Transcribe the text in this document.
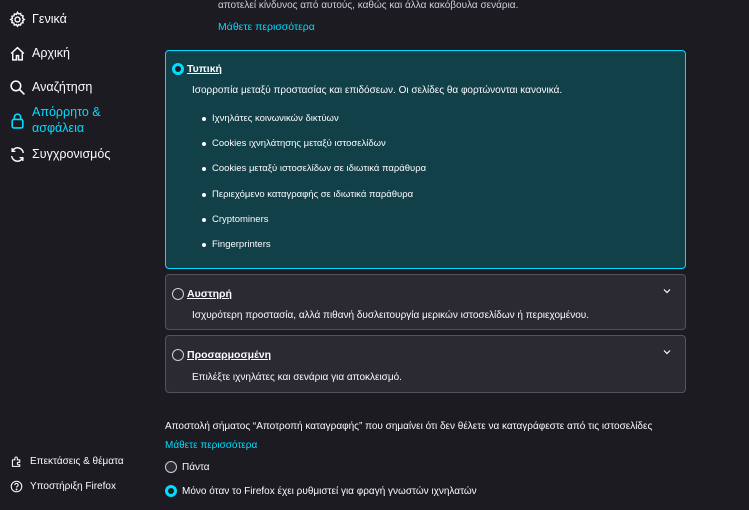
Γενικά
Αρχική
Αναζήτηση
Απόρρητο &
ασφάλεια
Συγχρονισμός
Επεκτάσεις & θέματα
Υποστήριξη Firefox
αποτελεί κίνδυνος από αυτούς, καθώς και άλλα κακόβουλα σενάρια.
Μάθετε περισσότερα
Τυπική
Ισορροπία μεταξύ προστασίας και επιδόσεων. Οι σελίδες θα φορτώνονται κανονικά.
Ιχνηλάτες κοινωνικών δικτύων
Cookies ιχνηλάτησης μεταξύ ιστοσελίδων
Cookies μεταξύ ιστοσελίδων σε ιδιωτικά παράθυρα
Περιεχόμενο καταγραφής σε ιδιωτικά παράθυρα
Cryptominers
Fingerprinters
Αυστηρή
Ισχυρότερη προστασία, αλλά πιθανή δυσλειτουργία μερικών ιστοσελίδων ή περιεχομένου.
Προσαρμοσμένη
Επιλέξτε ιχνηλάτες και σενάρια για αποκλεισμό.
Αποστολή σήματος “Αποτροπή καταγραφής” που σημαίνει ότι δεν θέλετε να καταγράφεστε από τις ιστοσελίδες
Μάθετε περισσότερα
Πάντα
Μόνο όταν το Firefox έχει ρυθμιστεί για φραγή γνωστών ιχνηλατών
